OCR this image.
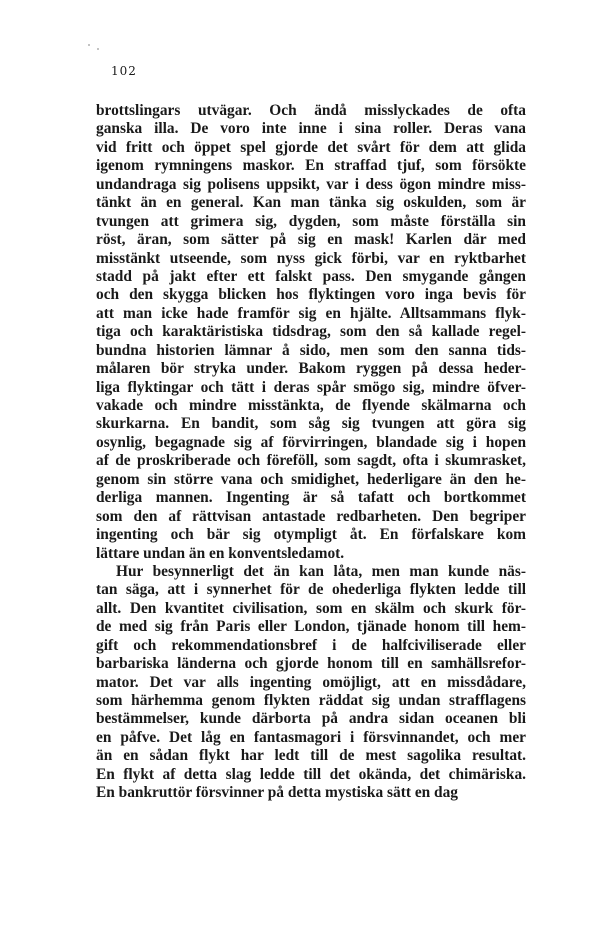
102
brottslingars utvägar. Och ändå misslyckades de ofta
ganska illa. De voro inte inne i sina roller. Deras vana
vid fritt och öppet spel gjorde det svårt för dem att glida
igenom rymningens maskor. En straffad tjuf, som försökte
undandraga sig polisens uppsikt, var i dess ögon mindre miss-
tänkt än en general. Kan man tänka sig oskulden, som är
tvungen att grimera sig, dygden, som måste förställa sin
röst, äran, som sätter på sig en mask! Karlen där med
misstänkt utseende, som nyss gick förbi, var en ryktbarhet
stadd på jakt efter ett falskt pass. Den smygande gången
och den skygga blicken hos flyktingen voro inga bevis för
att man icke hade framför sig en hjälte. Alltsammans flyk-
tiga och karaktäristiska tidsdrag, som den så kallade regel-
bundna historien lämnar å sido, men som den sanna tids-
målaren bör stryka under. Bakom ryggen på dessa heder-
liga flyktingar och tätt i deras spår smögo sig, mindre öfver-
vakade och mindre misstänkta, de flyende skälmarna och
skurkarna. En bandit, som såg sig tvungen att göra sig
osynlig, begagnade sig af förvirringen, blandade sig i hopen
af de proskriberade och föreföll, som sagdt, ofta i skumrasket,
genom sin större vana och smidighet, hederligare än den he-
derliga mannen. Ingenting är så tafatt och bortkommet
som den af rättvisan antastade redbarheten. Den begriper
ingenting och bär sig otympligt åt. En förfalskare kom
lättare undan än en konventsledamot.
Hur besynnerligt det än kan låta, men man kunde näs-
tan säga, att i synnerhet för de ohederliga flykten ledde till
allt. Den kvantitet civilisation, som en skälm och skurk för-
de med sig från Paris eller London, tjänade honom till hem-
gift och rekommendationsbref i de halfciviliserade eller
barbariska länderna och gjorde honom till en samhällsrefor-
mator. Det var alls ingenting omöjligt, att en missdådare,
som härhemma genom flykten räddat sig undan strafflagens
bestämmelser, kunde därborta på andra sidan oceanen bli
en påfve. Det låg en fantasmagori i försvinnandet, och mer
än en sådan flykt har ledt till de mest sagolika resultat.
En flykt af detta slag ledde till det okända, det chimäriska.
En bankruttör försvinner på detta mystiska sätt en dag
